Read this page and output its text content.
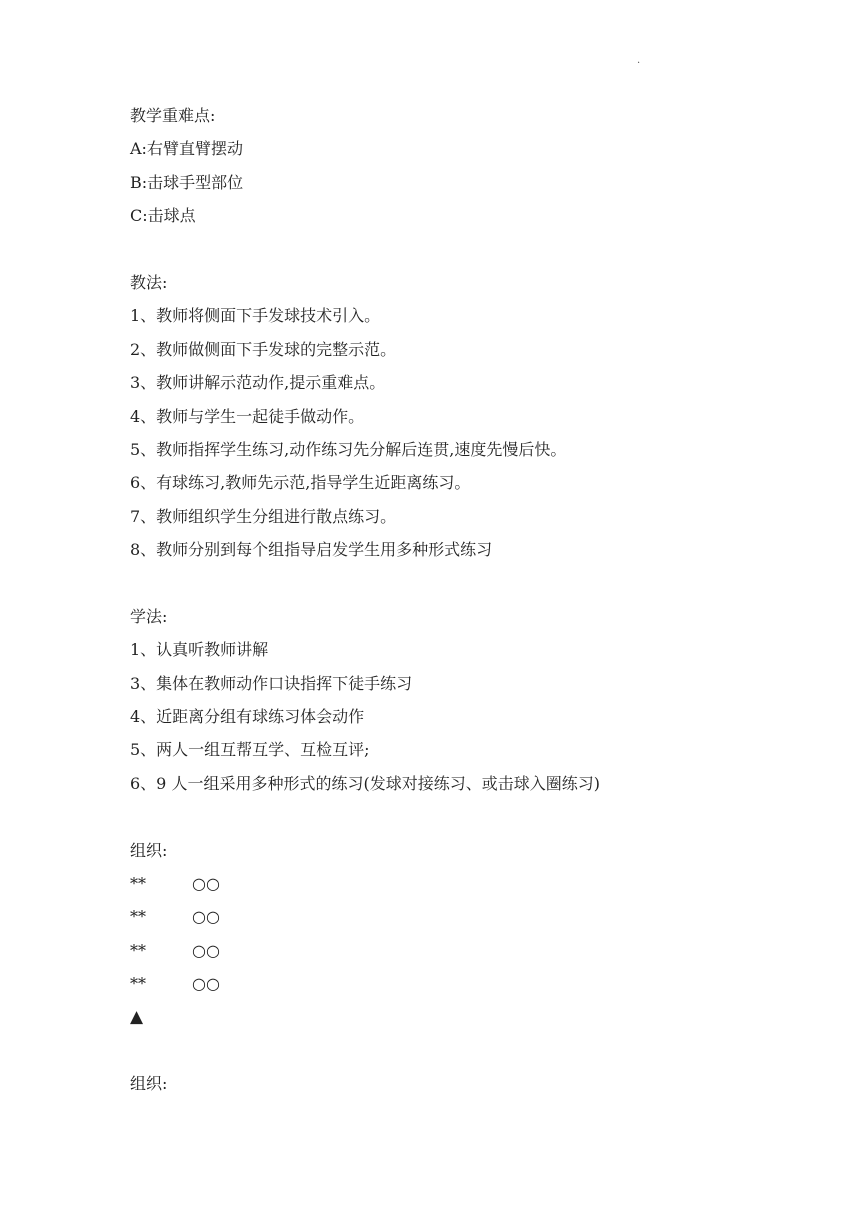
.
教学重难点:
A:右臂直臂摆动
B:击球手型部位
C:击球点
教法:
1、教师将侧面下手发球技术引入。
2、教师做侧面下手发球的完整示范。
3、教师讲解示范动作,提示重难点。
4、教师与学生一起徒手做动作。
5、教师指挥学生练习,动作练习先分解后连贯,速度先慢后快。
6、有球练习,教师先示范,指导学生近距离练习。
7、教师组织学生分组进行散点练习。
8、教师分别到每个组指导启发学生用多种形式练习
学法:
1、认真听教师讲解
3、集体在教师动作口诀指挥下徒手练习
4、近距离分组有球练习体会动作
5、两人一组互帮互学、互检互评;
6、9 人一组采用多种形式的练习(发球对接练习、或击球入圈练习)
组织:
**	○○
**	○○
**	○○
**	○○
▲
组织:
